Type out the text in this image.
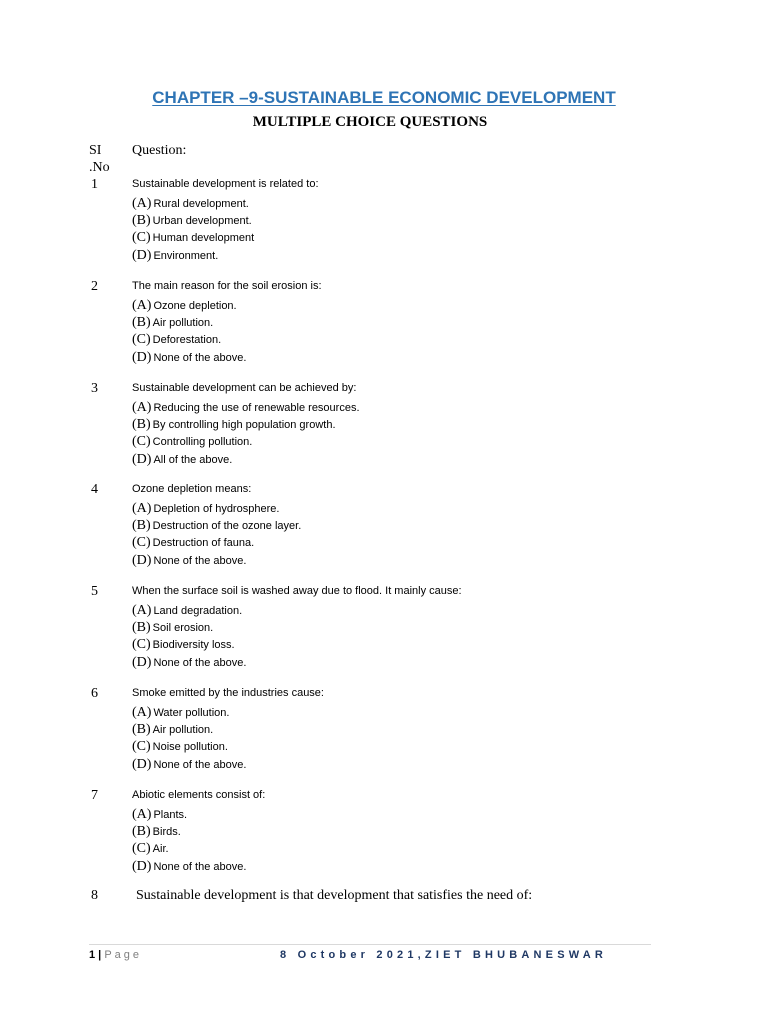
CHAPTER –9-SUSTAINABLE ECONOMIC DEVELOPMENT
MULTIPLE CHOICE QUESTIONS
SI
.No
Question:
1	Sustainable development is related to:
(A) Rural development.
(B) Urban development.
(C) Human development
(D) Environment.
2	The main reason for the soil erosion is:
(A) Ozone depletion.
(B) Air pollution.
(C) Deforestation.
(D) None of the above.
3	Sustainable development can be achieved by:
(A) Reducing the use of renewable resources.
(B) By controlling high population growth.
(C) Controlling pollution.
(D) All of the above.
4	Ozone depletion means:
(A) Depletion of hydrosphere.
(B) Destruction of the ozone layer.
(C) Destruction of fauna.
(D) None of the above.
5	When the surface soil is washed away due to flood. It mainly cause:
(A) Land degradation.
(B) Soil erosion.
(C) Biodiversity loss.
(D) None of the above.
6	Smoke emitted by the industries cause:
(A) Water pollution.
(B) Air pollution.
(C) Noise pollution.
(D) None of the above.
7	Abiotic elements consist of:
(A) Plants.
(B) Birds.
(C) Air.
(D) None of the above.
8	Sustainable development is that development that satisfies the need of:
1 | Page	8 October 2021,ZIET BHUBANESWAR
